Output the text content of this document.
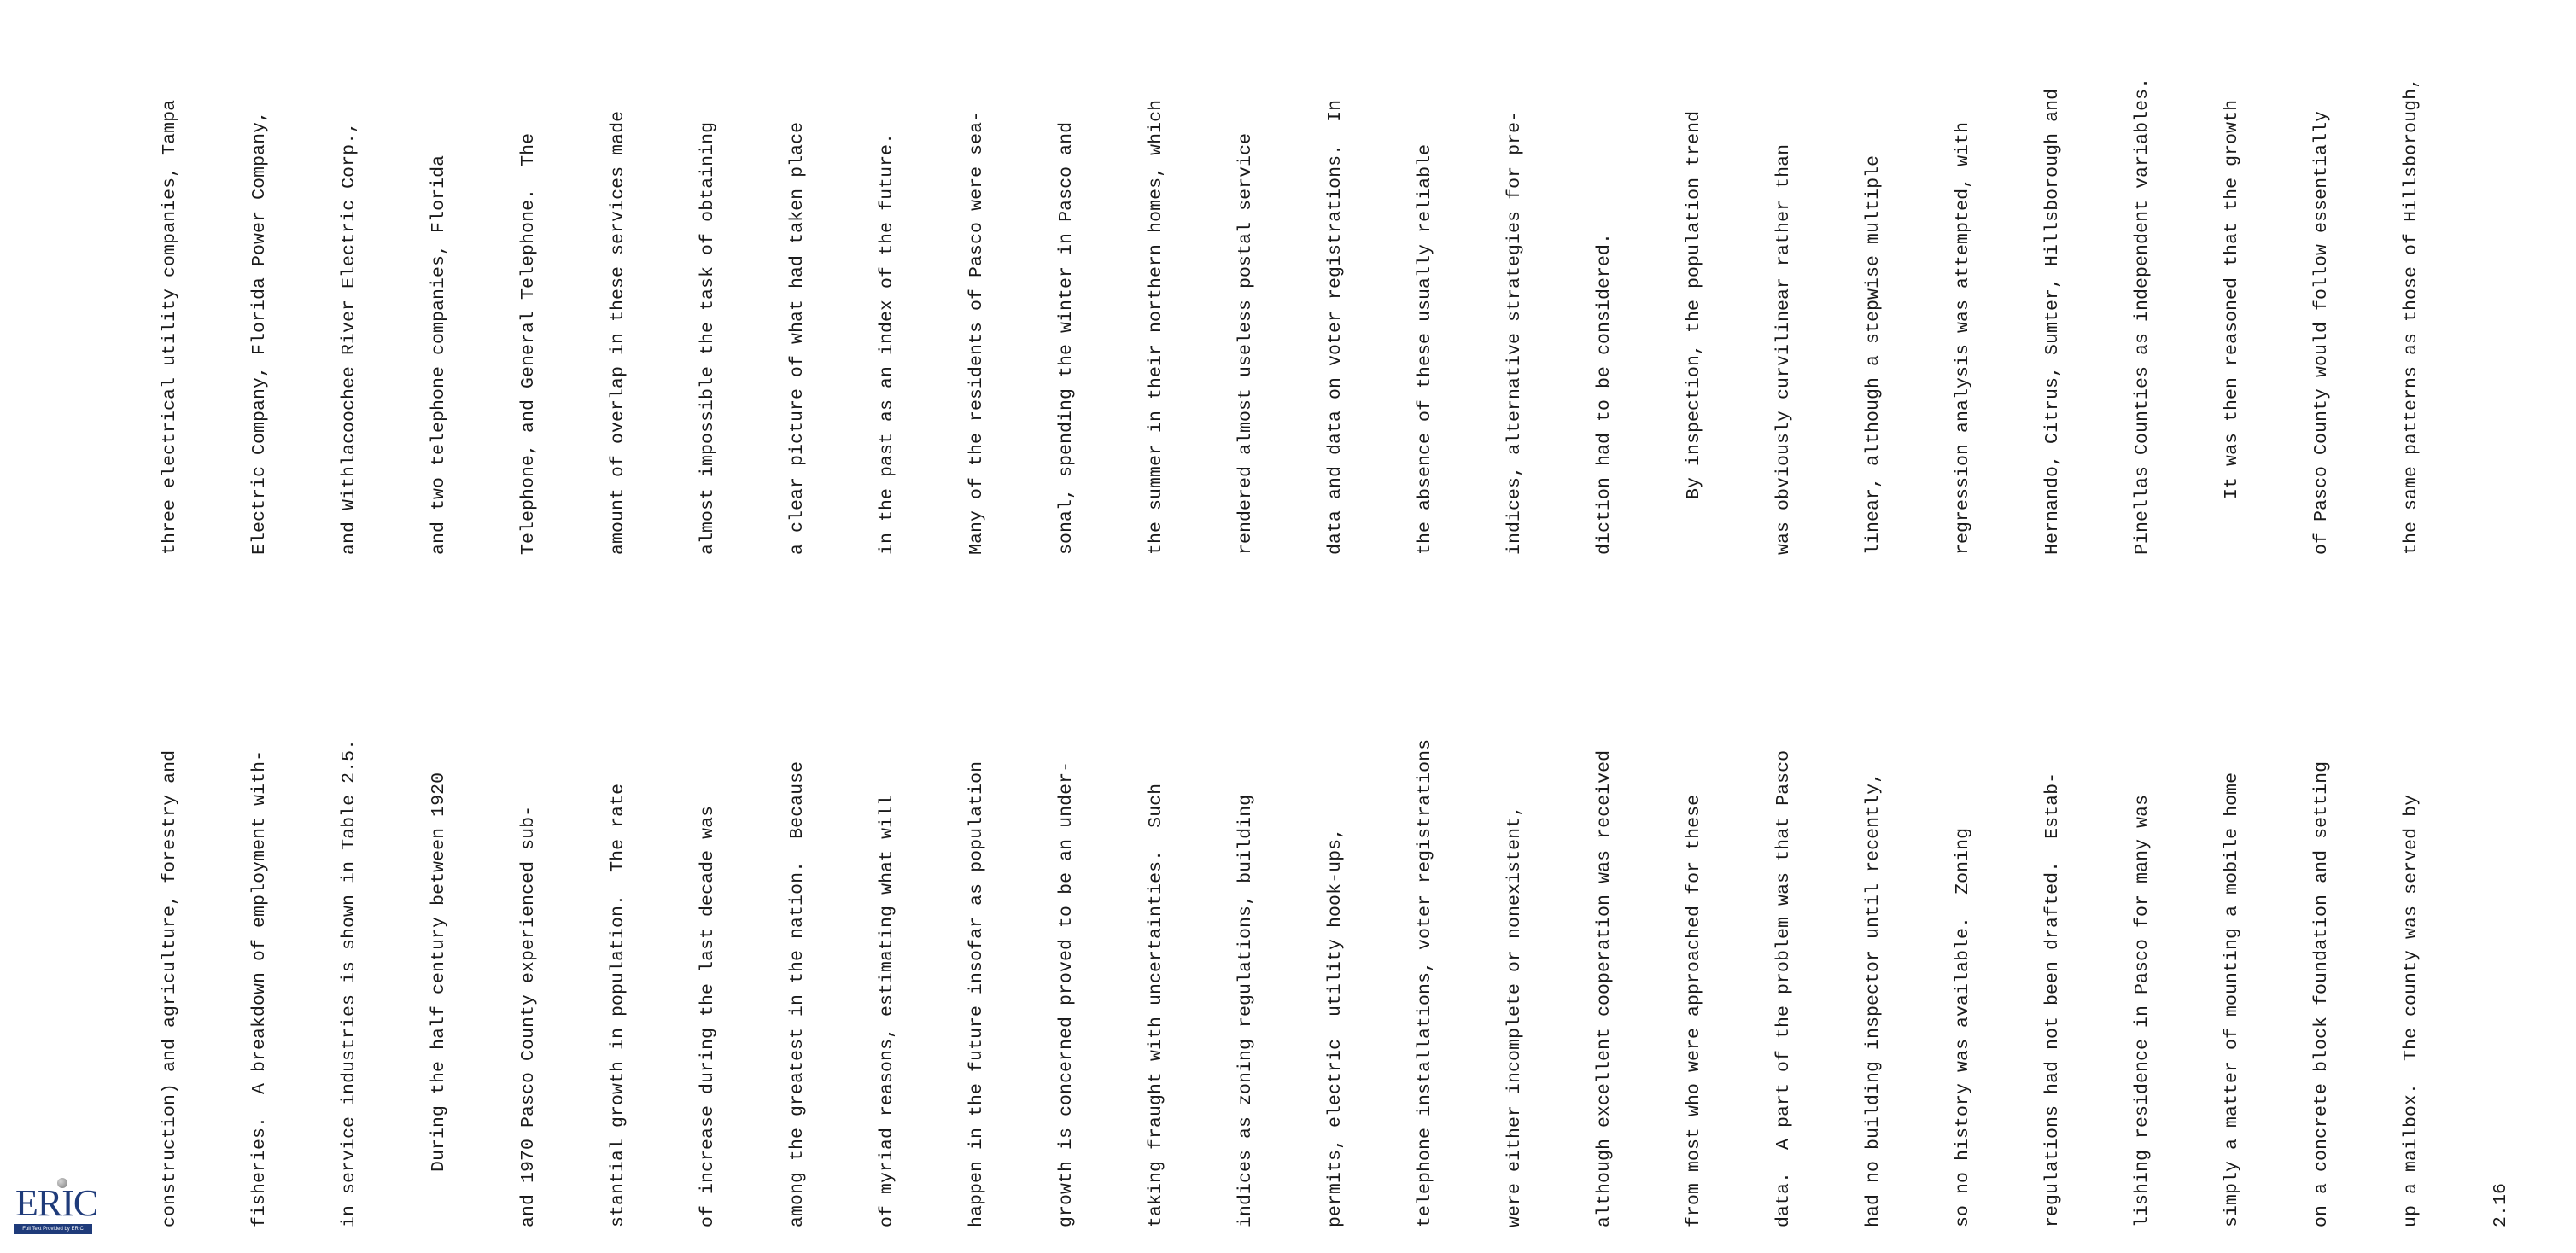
construction) and agriculture, forestry and

	fisheries.  A breakdown of employment with-

	in service industries is shown in Table 2.5.

	During the half century between 1920

	and 1970 Pasco County experienced sub-

	stantial growth in population.  The rate

	of increase during the last decade was

	among the greatest in the nation.  Because

	of myriad reasons, estimating what will

	happen in the future insofar as population

	growth is concerned proved to be an under-

	taking fraught with uncertainties.  Such

	indices as zoning regulations, building

	permits, electric  utility hook-ups,

	telephone installations, voter registrations

	were either incomplete or nonexistent,

	although excellent cooperation was received

	from most who were approached for these

	data.  A part of the problem was that Pasco

	had no building inspector until recently,

	so no history was available.  Zoning

	regulations had not been drafted.  Estab-

	lishing residence in Pasco for many was

	simply a matter of mounting a mobile home

	on a concrete block foundation and setting

	up a mailbox.  The county was served by

	2.16

three electrical utility companies, Tampa

	Electric Company, Florida Power Company,

	and Withlacoochee River Electric Corp.,

	and two telephone companies, Florida

	Telephone, and General Telephone.  The

	amount of overlap in these services made

	almost impossible the task of obtaining

	a clear picture of what had taken place

	in the past as an index of the future.

	Many of the residents of Pasco were sea-

	sonal, spending the winter in Pasco and

	the summer in their northern homes, which

	rendered almost useless postal service

	data and data on voter registrations.  In

	the absence of these usually reliable

	indices, alternative strategies for pre-

	diction had to be considered.

	By inspection, the population trend

	was obviously curvilinear rather than

	linear, although a stepwise multiple

	regression analysis was attempted, with

	Hernando, Citrus, Sumter, Hillsborough and

	Pinellas Counties as independent variables.

	It was then reasoned that the growth

	of Pasco County would follow essentially

	the same patterns as those of Hillsborough,

ERIC
Full Text Provided by ERIC
